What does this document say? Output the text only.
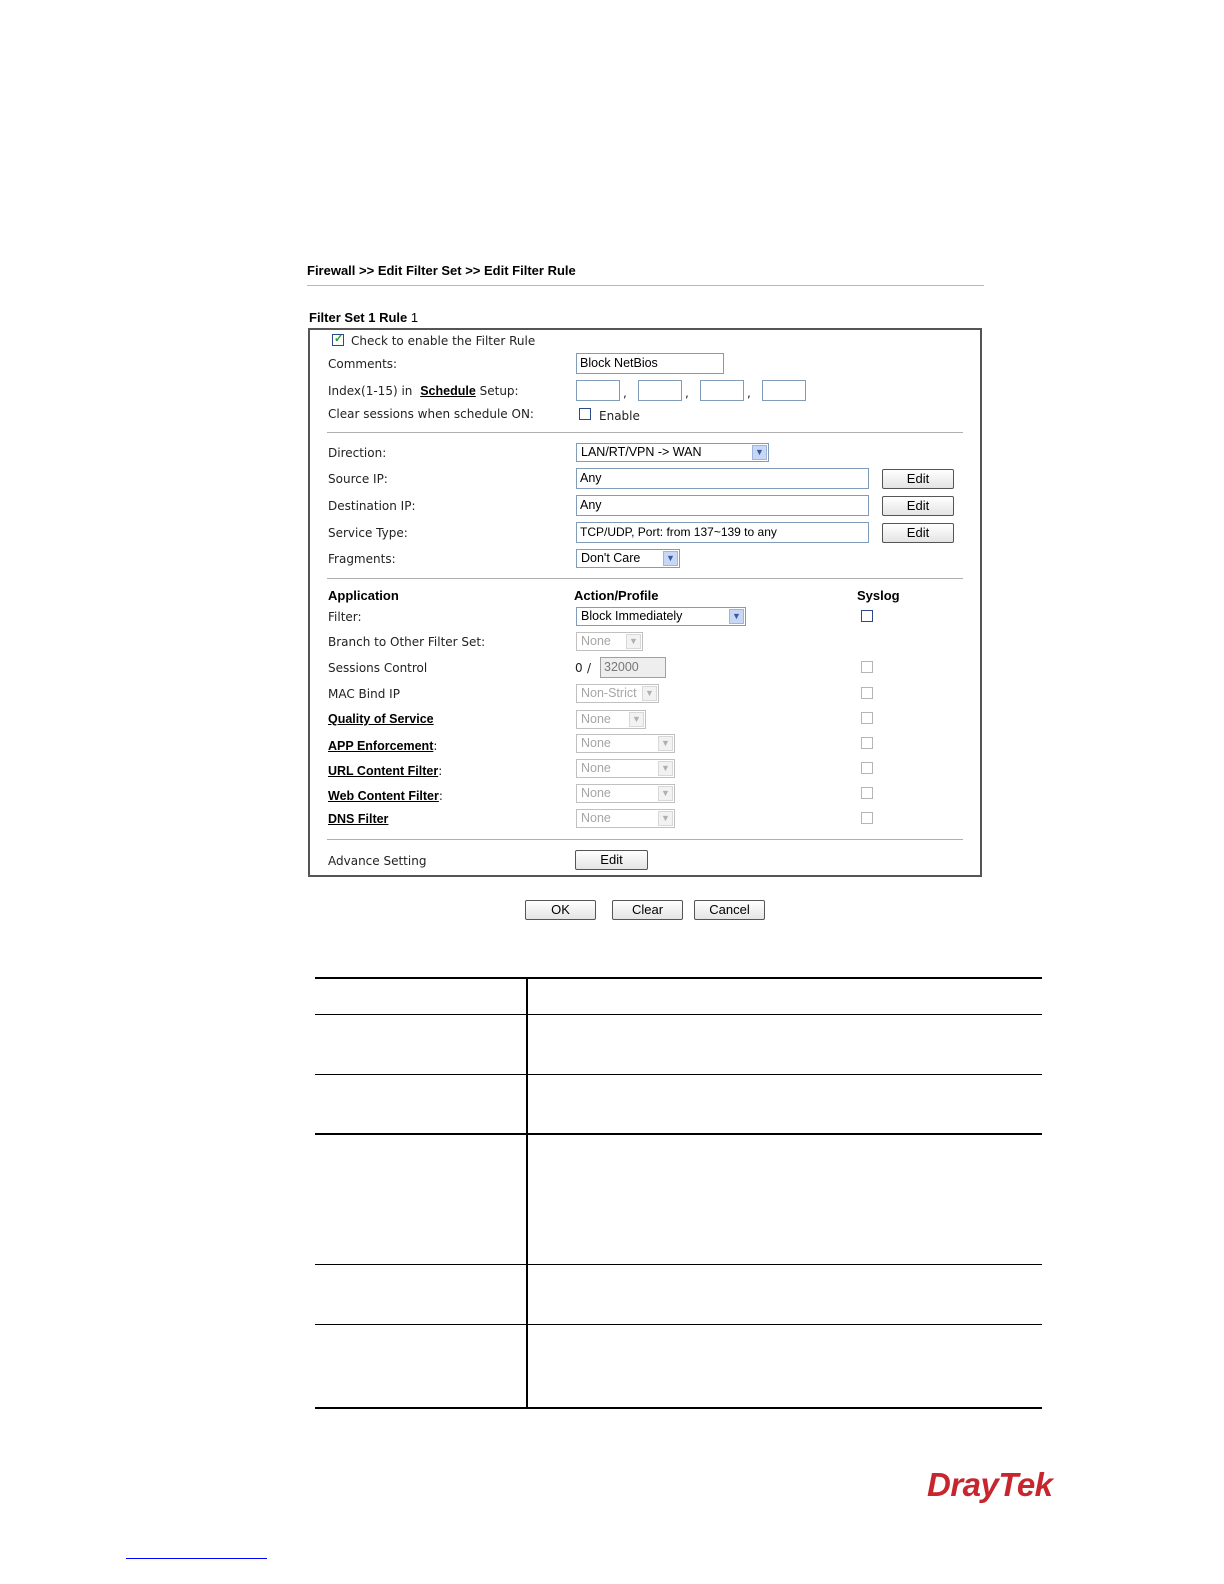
Firewall >> Edit Filter Set >> Edit Filter Rule
Filter Set 1 Rule 1
✓
Check to enable the Filter Rule
Comments:	Block NetBios
Index(1-15) in Schedule Setup:	,	,	,
Clear sessions when schedule ON:	Enable
Direction:	LAN/RT/VPN -> WAN	▼
Source IP:	Any	Edit
Destination IP:	Any	Edit
Service Type:	TCP/UDP, Port: from 137~139 to any	Edit
Fragments:	Don't Care	▼
Application	Action/Profile	Syslog
Filter:	Block Immediately	▼
Branch to Other Filter Set:	None	▼
Sessions Control	0 /	32000
MAC Bind IP	Non-Strict ▼
Quality of Service	None	▼
APP Enforcement:	None	▼
URL Content Filter:	None	▼
Web Content Filter:	None	▼
DNS Filter	None	▼
Advance Setting	Edit
OK	Clear	Cancel
DrayTek
